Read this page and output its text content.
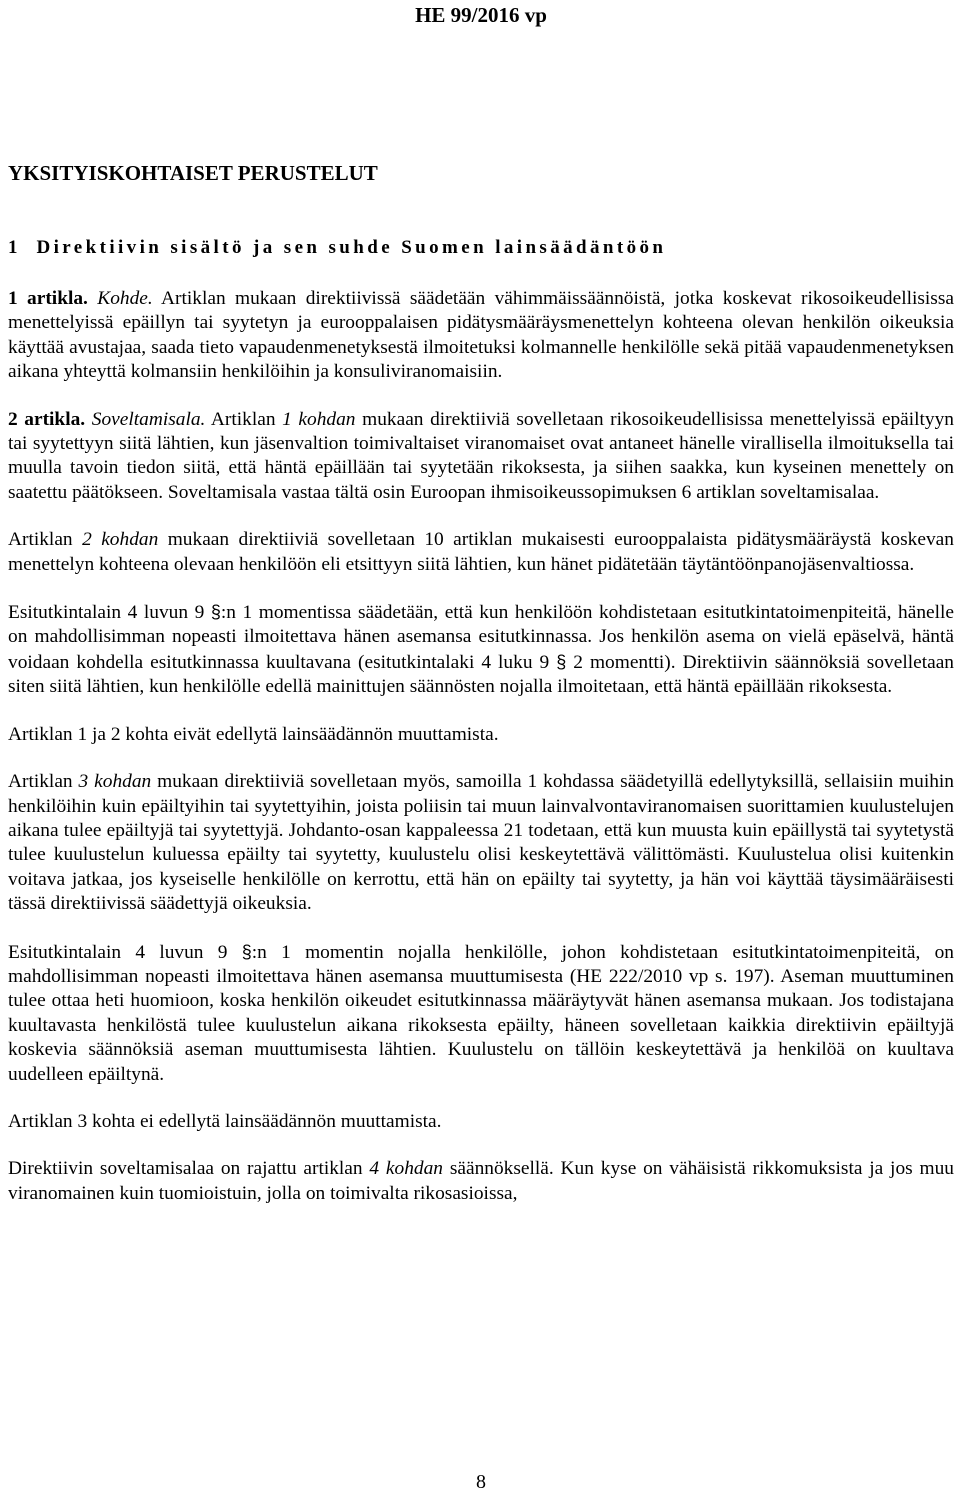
HE 99/2016 vp
YKSITYISKOHTAISET PERUSTELUT
1 Direktiivin sisältö ja sen suhde Suomen lainsäädäntöön

1 artikla. Kohde. Artiklan mukaan direktiivissä säädetään vähimmäissäännöistä, jotka koskevat rikosoikeudellisissa menettelyissä epäillyn tai syytetyn ja eurooppalaisen pidätysmääräysmenettelyn kohteena olevan henkilön oikeuksia käyttää avustajaa, saada tieto vapaudenmenetyksestä ilmoitetuksi kolmannelle henkilölle sekä pitää vapaudenmenetyksen aikana yhteyttä kolmansiin henkilöihin ja konsuliviranomaisiin.

2 artikla. Soveltamisala. Artiklan 1 kohdan mukaan direktiiviä sovelletaan rikosoikeudellisissa menettelyissä epäiltyyn tai syytettyyn siitä lähtien, kun jäsenvaltion toimivaltaiset viranomaiset ovat antaneet hänelle virallisella ilmoituksella tai muulla tavoin tiedon siitä, että häntä epäillään tai syytetään rikoksesta, ja siihen saakka, kun kyseinen menettely on saatettu päätökseen. Soveltamisala vastaa tältä osin Euroopan ihmisoikeussopimuksen 6 artiklan soveltamisalaa.

Artiklan 2 kohdan mukaan direktiiviä sovelletaan 10 artiklan mukaisesti eurooppalaista pidätysmääräystä koskevan menettelyn kohteena olevaan henkilöön eli etsittyyn siitä lähtien, kun hänet pidätetään täytäntöönpanojäsenvaltiossa.

Esitutkintalain 4 luvun 9 §:n 1 momentissa säädetään, että kun henkilöön kohdistetaan esitutkintatoimenpiteitä, hänelle on mahdollisimman nopeasti ilmoitettava hänen asemansa esitutkinnassa. Jos henkilön asema on vielä epäselvä, häntä voidaan kohdella esitutkinnassa kuultavana (esitutkintalaki 4 luku 9 § 2 momentti). Direktiivin säännöksiä sovelletaan siten siitä lähtien, kun henkilölle edellä mainittujen säännösten nojalla ilmoitetaan, että häntä epäillään rikoksesta.

Artiklan 1 ja 2 kohta eivät edellytä lainsäädännön muuttamista.

Artiklan 3 kohdan mukaan direktiiviä sovelletaan myös, samoilla 1 kohdassa säädetyillä edellytyksillä, sellaisiin muihin henkilöihin kuin epäiltyihin tai syytettyihin, joista poliisin tai muun lainvalvontaviranomaisen suorittamien kuulustelujen aikana tulee epäiltyjä tai syytettyjä. Johdanto-osan kappaleessa 21 todetaan, että kun muusta kuin epäillystä tai syytetystä tulee kuulustelun kuluessa epäilty tai syytetty, kuulustelu olisi keskeytettävä välittömästi. Kuulustelua olisi kuitenkin voitava jatkaa, jos kyseiselle henkilölle on kerrottu, että hän on epäilty tai syytetty, ja hän voi käyttää täysimääräisesti tässä direktiivissä säädettyjä oikeuksia.

Esitutkintalain 4 luvun 9 §:n 1 momentin nojalla henkilölle, johon kohdistetaan esitutkintatoimenpiteitä, on mahdollisimman nopeasti ilmoitettava hänen asemansa muuttumisesta (HE 222/2010 vp s. 197). Aseman muuttuminen tulee ottaa heti huomioon, koska henkilön oikeudet esitutkinnassa määräytyvät hänen asemansa mukaan. Jos todistajana kuultavasta henkilöstä tulee kuulustelun aikana rikoksesta epäilty, häneen sovelletaan kaikkia direktiivin epäiltyjä koskevia säännöksiä aseman muuttumisesta lähtien. Kuulustelu on tällöin keskeytettävä ja henkilöä on kuultava uudelleen epäiltynä.

Artiklan 3 kohta ei edellytä lainsäädännön muuttamista.

Direktiivin soveltamisalaa on rajattu artiklan 4 kohdan säännöksellä. Kun kyse on vähäisistä rikkomuksista ja jos muu viranomainen kuin tuomioistuin, jolla on toimivalta rikosasioissa,

8
